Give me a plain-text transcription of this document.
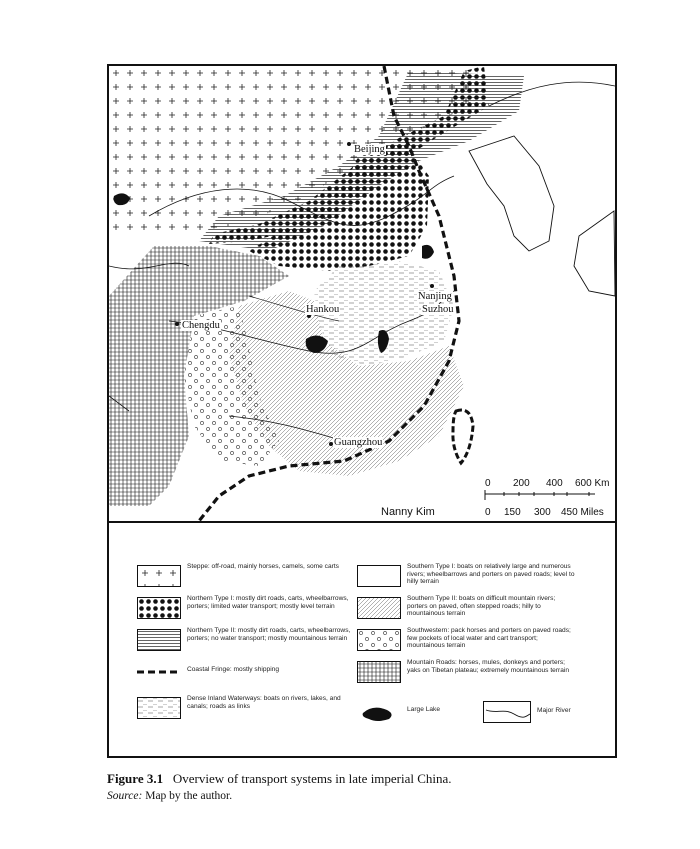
Beijing
Hankou
Chengdu
Nanjing
Suzhou
Guangzhou
Nanny Kim
0 200 400 600 Km
0 150 300 450 Miles
Steppe: off-road, mainly horses, camels, some carts
Northern Type I: mostly dirt roads, carts, wheelbarrows, porters; limited water transport; mostly level terrain
Northern Type II: mostly dirt roads, carts, wheelbarrows, porters; no water transport; mostly mountainous terrain
Coastal Fringe: mostly shipping
Dense Inland Waterways: boats on rivers, lakes, and canals; roads as links
Southern Type I: boats on relatively large and numerous rivers; wheelbarrows and porters on paved roads; level to hilly terrain
Southern Type II: boats on difficult mountain rivers; porters on paved, often stepped roads; hilly to mountainous terrain
Southwestern: pack horses and porters on paved roads; few pockets of local water and cart transport; mountainous terrain
Mountain Roads: horses, mules, donkeys and porters; yaks on Tibetan plateau; extremely mountainous terrain
Large Lake	Major River
Figure 3.1 Overview of transport systems in late imperial China.
Source: Map by the author.
